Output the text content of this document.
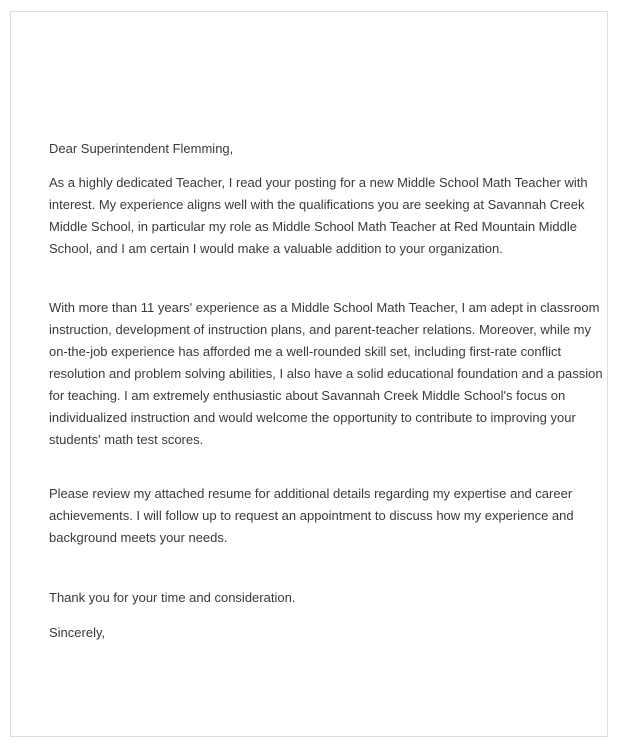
Dear Superintendent Flemming,

As a highly dedicated Teacher, I read your posting for a new Middle School Math Teacher with interest. My experience aligns well with the qualifications you are seeking at Savannah Creek Middle School, in particular my role as Middle School Math Teacher at Red Mountain Middle School, and I am certain I would make a valuable addition to your organization.

With more than 11 years' experience as a Middle School Math Teacher, I am adept in classroom instruction, development of instruction plans, and parent-teacher relations. Moreover, while my on-the-job experience has afforded me a well-rounded skill set, including first-rate conflict resolution and problem solving abilities, I also have a solid educational foundation and a passion for teaching. I am extremely enthusiastic about Savannah Creek Middle School's focus on individualized instruction and would welcome the opportunity to contribute to improving your students' math test scores.

Please review my attached resume for additional details regarding my expertise and career achievements. I will follow up to request an appointment to discuss how my experience and background meets your needs.

Thank you for your time and consideration.

Sincerely,
